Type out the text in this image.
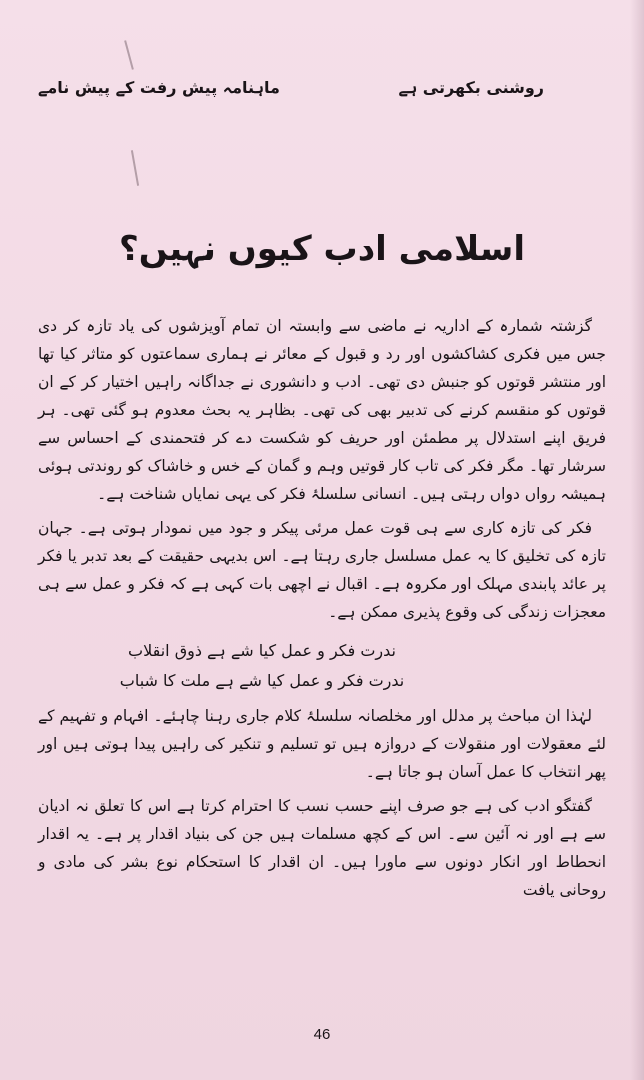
روشنی بکھرتی ہے
ماہنامہ پیش رفت کے پیش نامے
اسلامی ادب کیوں نہیں؟

گزشتہ شمارہ کے اداریہ نے ماضی سے وابستہ ان تمام آویزشوں کی یاد تازہ کر دی جس میں فکری کشاکشوں اور رد و قبول کے معائر نے ہماری سماعتوں کو متاثر کیا تھا اور منتشر قوتوں کو جنبش دی تھی۔ ادب و دانشوری نے جداگانہ راہیں اختیار کر کے ان قوتوں کو منقسم کرنے کی تدبیر بھی کی تھی۔ بظاہر یہ بحث معدوم ہو گئی تھی۔ ہر فریق اپنے استدلال پر مطمئن اور حریف کو شکست دے کر فتحمندی کے احساس سے سرشار تھا۔ مگر فکر کی تاب کار قوتیں وہم و گمان کے خس و خاشاک کو روندتی ہوئی ہمیشہ رواں دواں رہتی ہیں۔ انسانی سلسلۂ فکر کی یہی نمایاں شناخت ہے۔

فکر کی تازہ کاری سے ہی قوت عمل مرئی پیکر و جود میں نمودار ہوتی ہے۔ جہان تازہ کی تخلیق کا یہ عمل مسلسل جاری رہتا ہے۔ اس بدیہی حقیقت کے بعد تدبر یا فکر پر عائد پابندی مہلک اور مکروہ ہے۔ اقبال نے اچھی بات کہی ہے کہ فکر و عمل سے ہی معجزات زندگی کی وقوع پذیری ممکن ہے۔

ندرت فکر و عمل کیا شے ہے ذوق انقلاب
ندرت فکر و عمل کیا شے ہے ملت کا شباب

لہٰذا ان مباحث پر مدلل اور مخلصانہ سلسلۂ کلام جاری رہنا چاہئے۔ افہام و تفہیم کے لئے معقولات اور منقولات کے دروازہ ہیں تو تسلیم و تنکیر کی راہیں پیدا ہوتی ہیں اور پھر انتخاب کا عمل آسان ہو جاتا ہے۔

گفتگو ادب کی ہے جو صرف اپنے حسب نسب کا احترام کرتا ہے اس کا تعلق نہ ادیان سے ہے اور نہ آئین سے۔ اس کے کچھ مسلمات ہیں جن کی بنیاد اقدار پر ہے۔ یہ اقدار انحطاط اور انکار دونوں سے ماورا ہیں۔ ان اقدار کا استحکام نوع بشر کی مادی و روحانی یافت

46
